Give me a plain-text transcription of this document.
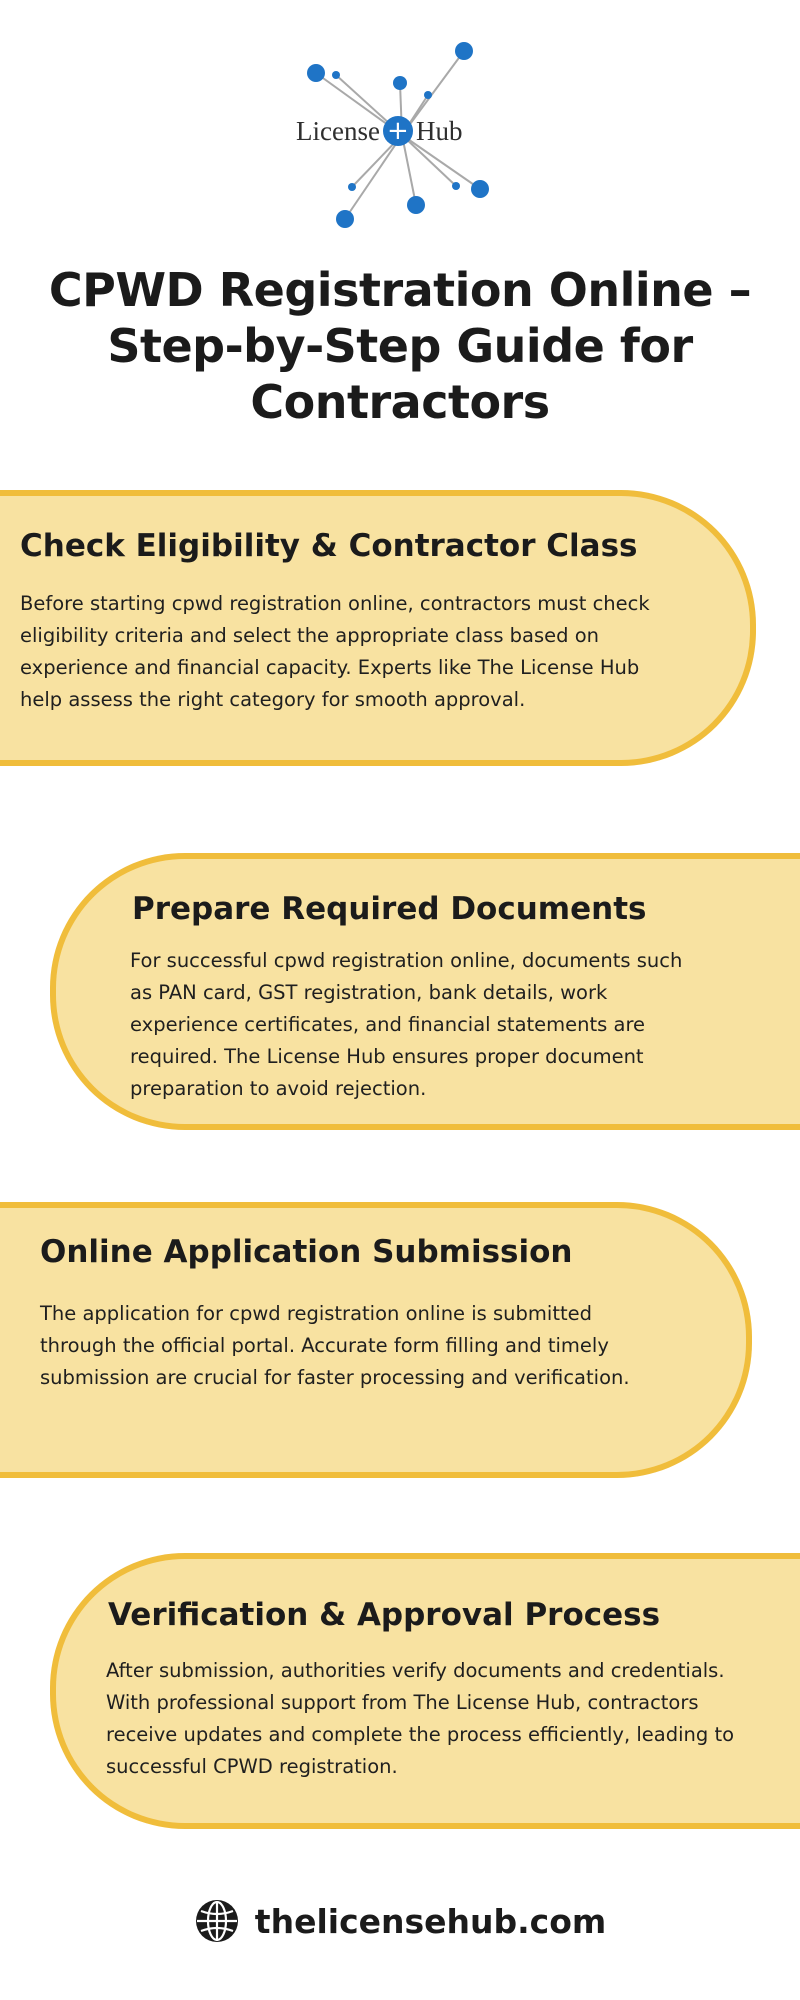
License + Hub
CPWD Registration Online – Step-by-Step Guide for Contractors
Check Eligibility & Contractor Class

Before starting cpwd registration online, contractors must check eligibility criteria and select the appropriate class based on experience and financial capacity. Experts like The License Hub help assess the right category for smooth approval.

Prepare Required Documents

For successful cpwd registration online, documents such as PAN card, GST registration, bank details, work experience certificates, and financial statements are required. The License Hub ensures proper document preparation to avoid rejection.

Online Application Submission

The application for cpwd registration online is submitted through the official portal. Accurate form filling and timely submission are crucial for faster processing and verification.

Verification & Approval Process

After submission, authorities verify documents and credentials. With professional support from The License Hub, contractors receive updates and complete the process efficiently, leading to successful CPWD registration.

thelicensehub.com
